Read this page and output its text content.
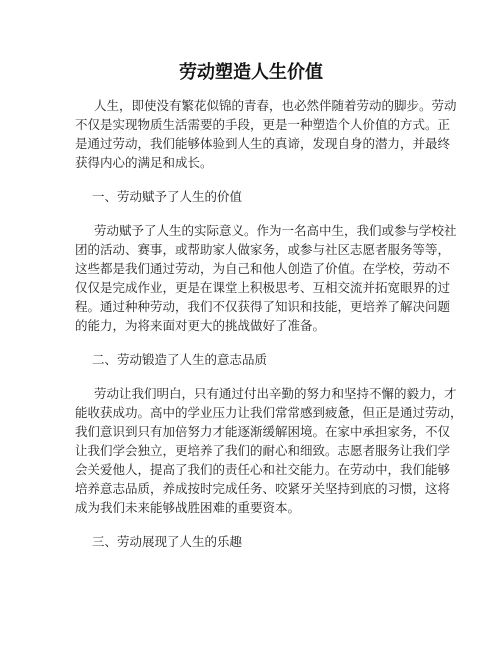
劳动塑造人生价值
人生，即使没有繁花似锦的青春，也必然伴随着劳动的脚步。劳动
不仅是实现物质生活需要的手段，更是一种塑造个人价值的方式。正
是通过劳动，我们能够体验到人生的真谛，发现自身的潜力，并最终
获得内心的满足和成长。
一、劳动赋予了人生的价值
劳动赋予了人生的实际意义。作为一名高中生，我们或参与学校社
团的活动、赛事，或帮助家人做家务，或参与社区志愿者服务等等，
这些都是我们通过劳动，为自己和他人创造了价值。在学校，劳动不
仅仅是完成作业，更是在课堂上积极思考、互相交流并拓宽眼界的过
程。通过种种劳动，我们不仅获得了知识和技能，更培养了解决问题
的能力，为将来面对更大的挑战做好了准备。
二、劳动锻造了人生的意志品质
劳动让我们明白，只有通过付出辛勤的努力和坚持不懈的毅力，才
能收获成功。高中的学业压力让我们常常感到疲惫，但正是通过劳动，
我们意识到只有加倍努力才能逐渐缓解困境。在家中承担家务，不仅
让我们学会独立，更培养了我们的耐心和细致。志愿者服务让我们学
会关爱他人，提高了我们的责任心和社交能力。在劳动中，我们能够
培养意志品质，养成按时完成任务、咬紧牙关坚持到底的习惯，这将
成为我们未来能够战胜困难的重要资本。
三、劳动展现了人生的乐趣
